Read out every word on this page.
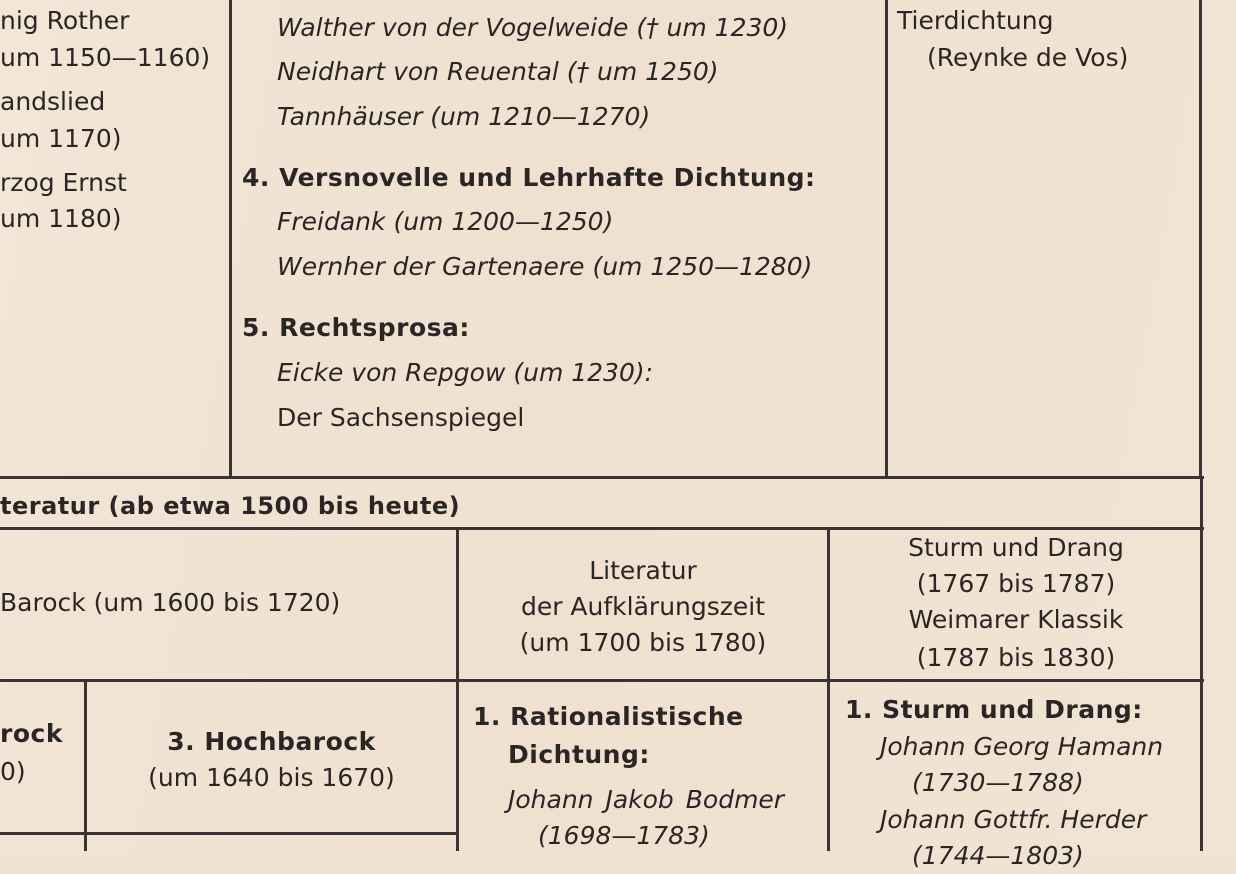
nig Rother
um 1150—1160)
andslied
um 1170)
rzog Ernst
um 1180)
Walther von der Vogelweide († um 1230)
Neidhart von Reuental († um 1250)
Tannhäuser (um 1210—1270)
4. Versnovelle und Lehrhafte Dichtung:
Freidank (um 1200—1250)
Wernher der Gartenaere (um 1250—1280)
5. Rechtsprosa:
Eicke von Repgow (um 1230):
Der Sachsenspiegel
Tierdichtung
(Reynke de Vos)
teratur (ab etwa 1500 bis heute)
Barock (um 1600 bis 1720)
Literatur
der Aufklärungszeit
(um 1700 bis 1780)
Sturm und Drang
(1767 bis 1787)
Weimarer Klassik
(1787 bis 1830)
rock
0)
3. Hochbarock
(um 1640 bis 1670)
1. Rationalistische
Dichtung:
Johann Jakob Bodmer
(1698—1783)
1. Sturm und Drang:
Johann Georg Hamann
(1730—1788)
Johann Gottfr. Herder
(1744—1803)
